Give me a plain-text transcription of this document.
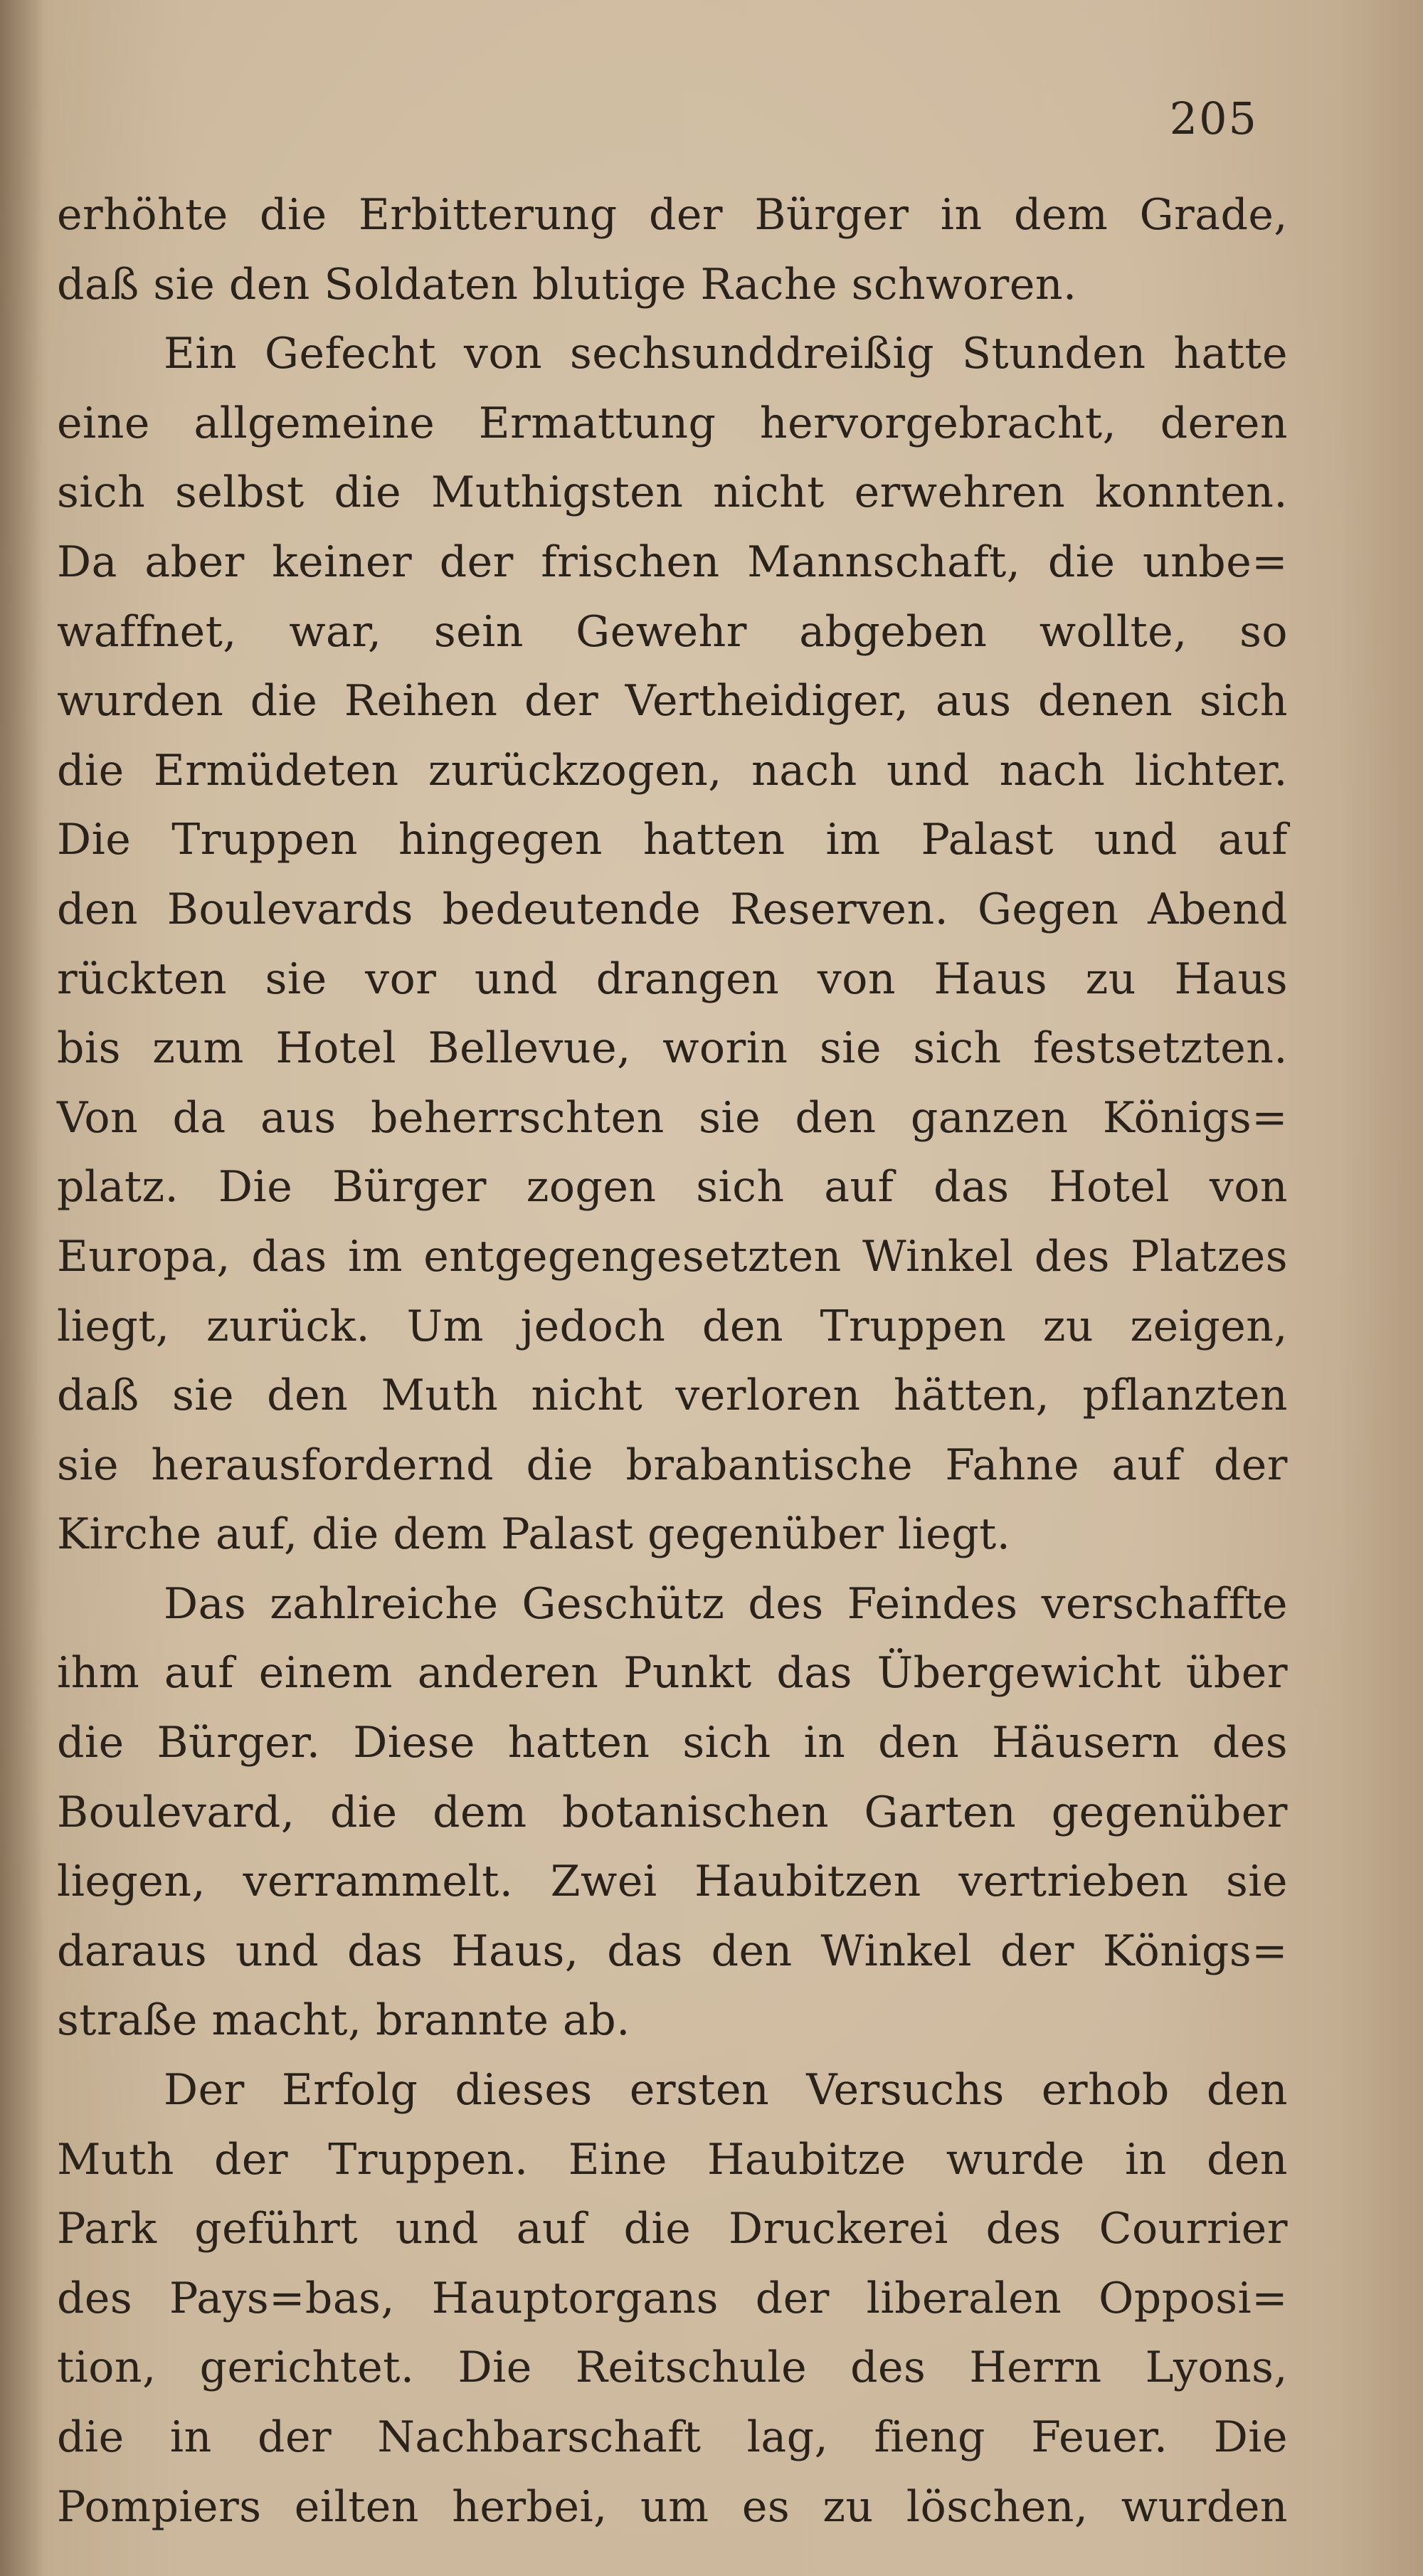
205
erhöhte die Erbitterung der Bürger in dem Grade,
daß sie den Soldaten blutige Rache schworen.
Ein Gefecht von sechsunddreißig Stunden hatte
eine allgemeine Ermattung hervorgebracht, deren
sich selbst die Muthigsten nicht erwehren konnten.
Da aber keiner der frischen Mannschaft, die unbe=
waffnet, war, sein Gewehr abgeben wollte, so
wurden die Reihen der Vertheidiger, aus denen sich
die Ermüdeten zurückzogen, nach und nach lichter.
Die Truppen hingegen hatten im Palast und auf
den Boulevards bedeutende Reserven. Gegen Abend
rückten sie vor und drangen von Haus zu Haus
bis zum Hotel Bellevue, worin sie sich festsetzten.
Von da aus beherrschten sie den ganzen Königs=
platz. Die Bürger zogen sich auf das Hotel von
Europa, das im entgegengesetzten Winkel des Platzes
liegt, zurück. Um jedoch den Truppen zu zeigen,
daß sie den Muth nicht verloren hätten, pflanzten
sie herausfordernd die brabantische Fahne auf der
Kirche auf, die dem Palast gegenüber liegt.
Das zahlreiche Geschütz des Feindes verschaffte
ihm auf einem anderen Punkt das Übergewicht über
die Bürger. Diese hatten sich in den Häusern des
Boulevard, die dem botanischen Garten gegenüber
liegen, verrammelt. Zwei Haubitzen vertrieben sie
daraus und das Haus, das den Winkel der Königs=
straße macht, brannte ab.
Der Erfolg dieses ersten Versuchs erhob den
Muth der Truppen. Eine Haubitze wurde in den
Park geführt und auf die Druckerei des Courrier
des Pays=bas, Hauptorgans der liberalen Opposi=
tion, gerichtet. Die Reitschule des Herrn Lyons,
die in der Nachbarschaft lag, fieng Feuer. Die
Pompiers eilten herbei, um es zu löschen, wurden
